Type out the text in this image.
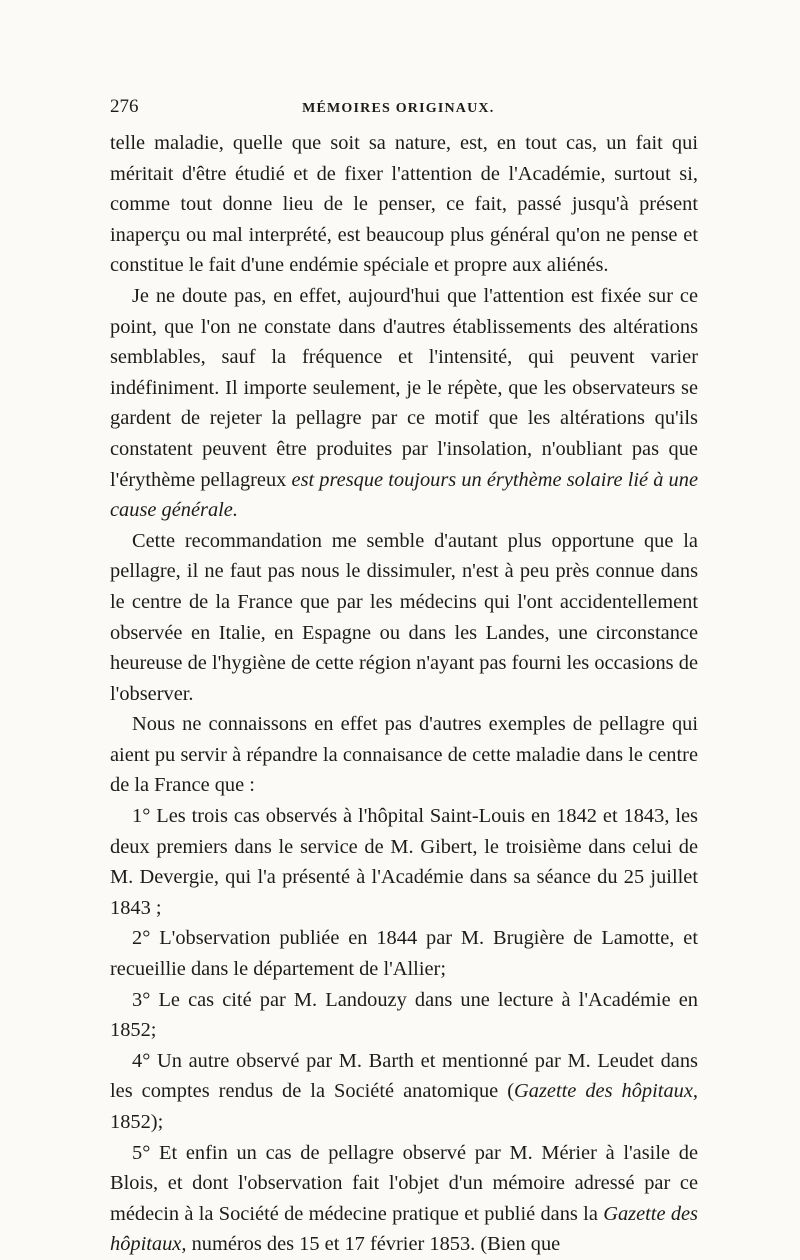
276	MÉMOIRES ORIGINAUX.

telle maladie, quelle que soit sa nature, est, en tout cas, un fait qui méritait d'être étudié et de fixer l'attention de l'Académie, surtout si, comme tout donne lieu de le penser, ce fait, passé jusqu'à présent inaperçu ou mal interprété, est beaucoup plus général qu'on ne pense et constitue le fait d'une endémie spéciale et propre aux aliénés.

Je ne doute pas, en effet, aujourd'hui que l'attention est fixée sur ce point, que l'on ne constate dans d'autres établissements des altérations semblables, sauf la fréquence et l'intensité, qui peuvent varier indéfiniment. Il importe seulement, je le répète, que les observateurs se gardent de rejeter la pellagre par ce motif que les altérations qu'ils constatent peuvent être produites par l'insolation, n'oubliant pas que l'érythème pellagreux est presque toujours un érythème solaire lié à une cause générale.

Cette recommandation me semble d'autant plus opportune que la pellagre, il ne faut pas nous le dissimuler, n'est à peu près connue dans le centre de la France que par les médecins qui l'ont accidentellement observée en Italie, en Espagne ou dans les Landes, une circonstance heureuse de l'hygiène de cette région n'ayant pas fourni les occasions de l'observer.

Nous ne connaissons en effet pas d'autres exemples de pellagre qui aient pu servir à répandre la connaisance de cette maladie dans le centre de la France que :

1° Les trois cas observés à l'hôpital Saint-Louis en 1842 et 1843, les deux premiers dans le service de M. Gibert, le troisième dans celui de M. Devergie, qui l'a présenté à l'Académie dans sa séance du 25 juillet 1843 ;

2° L'observation publiée en 1844 par M. Brugière de Lamotte, et recueillie dans le département de l'Allier;

3° Le cas cité par M. Landouzy dans une lecture à l'Académie en 1852;

4° Un autre observé par M. Barth et mentionné par M. Leudet dans les comptes rendus de la Société anatomique (Gazette des hôpitaux, 1852);

5° Et enfin un cas de pellagre observé par M. Mérier à l'asile de Blois, et dont l'observation fait l'objet d'un mémoire adressé par ce médecin à la Société de médecine pratique et publié dans la Gazette des hôpitaux, numéros des 15 et 17 février 1853. (Bien que
